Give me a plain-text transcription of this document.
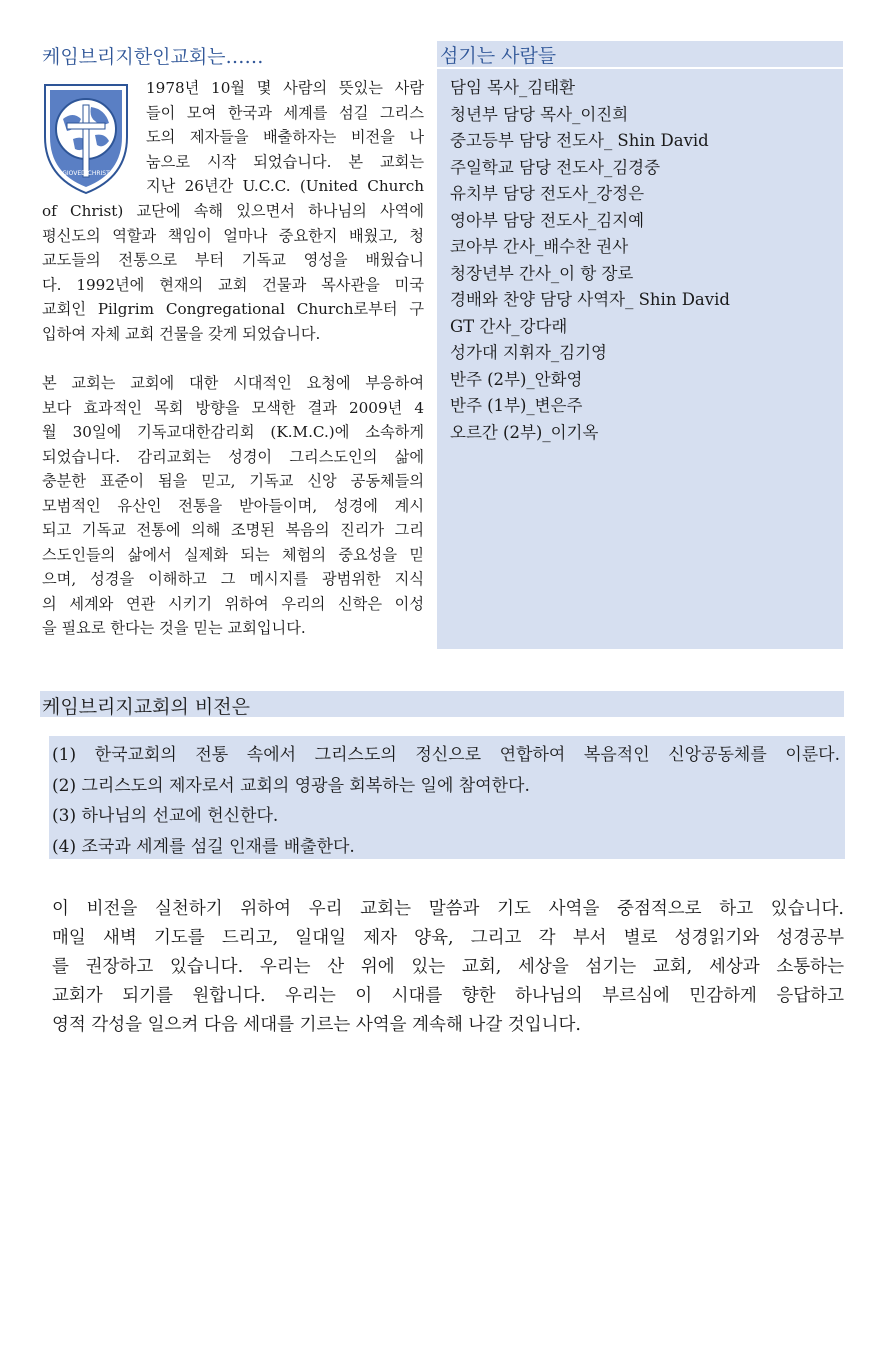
케임브리지한인교회는……
GIOVED CHRIST
1978년 10월 몇 사람의 뜻있는 사람
들이 모여 한국과 세계를 섬길 그리스
도의 제자들을 배출하자는 비전을 나
눔으로 시작 되었습니다. 본 교회는
지난 26년간 U.C.C. (United Church
of Christ) 교단에 속해 있으면서 하나님의 사역에
평신도의 역할과 책임이 얼마나 중요한지 배웠고, 청
교도들의 전통으로 부터 기독교 영성을 배웠습니
다. 1992년에 현재의 교회 건물과 목사관을 미국
교회인 Pilgrim Congregational Church로부터 구
입하여 자체 교회 건물을 갖게 되었습니다.
본 교회는 교회에 대한 시대적인 요청에 부응하여
보다 효과적인 목회 방향을 모색한 결과 2009년 4
월 30일에 기독교대한감리회 (K.M.C.)에 소속하게
되었습니다. 감리교회는 성경이 그리스도인의 삶에
충분한 표준이 됨을 믿고, 기독교 신앙 공동체들의
모범적인 유산인 전통을 받아들이며, 성경에 계시
되고 기독교 전통에 의해 조명된 복음의 진리가 그리
스도인들의 삶에서 실제화 되는 체험의 중요성을 믿
으며, 성경을 이해하고 그 메시지를 광범위한 지식
의 세계와 연관 시키기 위하여 우리의 신학은 이성
을 필요로 한다는 것을 믿는 교회입니다.
섬기는 사람들
담임 목사_김태환
청년부 담당 목사_이진희
중고등부 담당 전도사_ Shin David
주일학교 담당 전도사_김경중
유치부 담당 전도사_강정은
영아부 담당 전도사_김지예
코아부 간사_배수찬 권사
청장년부 간사_이 항 장로
경배와 찬양 담당 사역자_ Shin David
GT 간사_강다래
성가대 지휘자_김기영
반주 (2부)_안화영
반주 (1부)_변은주
오르간 (2부)_이기옥
케임브리지교회의 비전은
(1) 한국교회의 전통 속에서 그리스도의 정신으로 연합하여 복음적인 신앙공동체를 이룬다.
(2) 그리스도의 제자로서 교회의 영광을 회복하는 일에 참여한다.
(3) 하나님의 선교에 헌신한다.
(4) 조국과 세계를 섬길 인재를 배출한다.
이 비전을 실천하기 위하여 우리 교회는 말씀과 기도 사역을 중점적으로 하고 있습니다.
매일 새벽 기도를 드리고, 일대일 제자 양육, 그리고 각 부서 별로 성경읽기와 성경공부
를 권장하고 있습니다. 우리는 산 위에 있는 교회, 세상을 섬기는 교회, 세상과 소통하는
교회가 되기를 원합니다. 우리는 이 시대를 향한 하나님의 부르심에 민감하게 응답하고
영적 각성을 일으켜 다음 세대를 기르는 사역을 계속해 나갈 것입니다.
